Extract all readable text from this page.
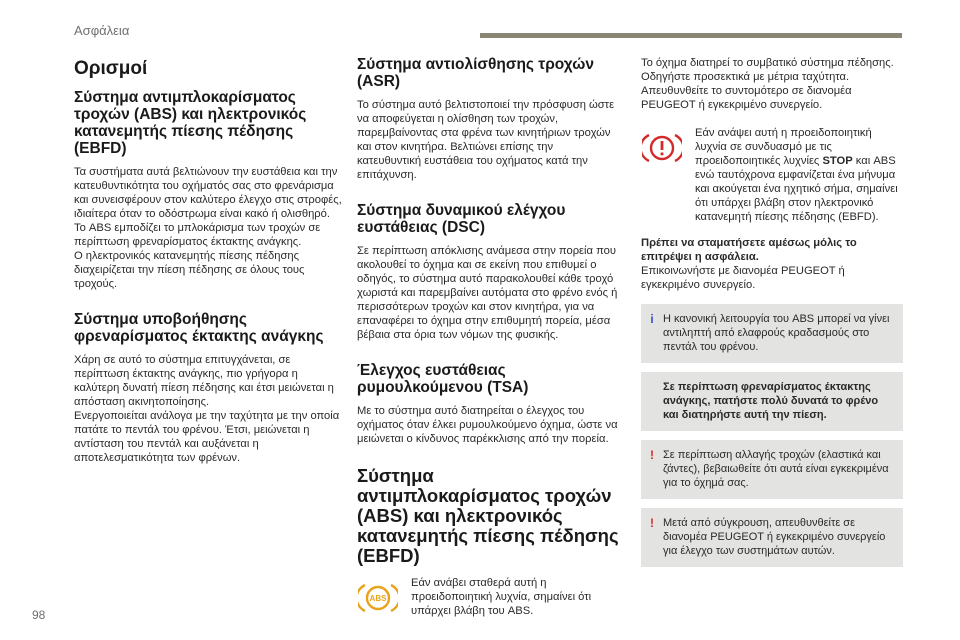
Ασφάλεια
Ορισμοί
Σύστημα αντιμπλοκαρίσματος τροχών (ABS) και ηλεκτρονικός κατανεμητής πίεσης πέδησης (EBFD)

Τα συστήματα αυτά βελτιώνουν την ευστάθεια και την κατευθυντικότητα του οχήματός σας στο φρενάρισμα και συνεισφέρουν στον καλύτερο έλεγχο στις στροφές, ιδιαίτερα όταν το οδόστρωμα είναι κακό ή ολισθηρό.

Το ABS εμποδίζει το μπλοκάρισμα των τροχών σε περίπτωση φρεναρίσματος έκτακτης ανάγκης.

Ο ηλεκτρονικός κατανεμητής πίεσης πέδησης διαχειρίζεται την πίεση πέδησης σε όλους τους τροχούς.

Σύστημα υποβοήθησης φρεναρίσματος έκτακτης ανάγκης

Χάρη σε αυτό το σύστημα επιτυγχάνεται, σε περίπτωση έκτακτης ανάγκης, πιο γρήγορα η καλύτερη δυνατή πίεση πέδησης και έτσι μειώνεται η απόσταση ακινητοποίησης.

Ενεργοποιείται ανάλογα με την ταχύτητα με την οποία πατάτε το πεντάλ του φρένου. Έτσι, μειώνεται η αντίσταση του πεντάλ και αυξάνεται η αποτελεσματικότητα των φρένων.

Σύστημα αντιολίσθησης τροχών (ASR)

Το σύστημα αυτό βελτιστοποιεί την πρόσφυση ώστε να αποφεύγεται η ολίσθηση των τροχών, παρεμβαίνοντας στα φρένα των κινητήριων τροχών και στον κινητήρα. Βελτιώνει επίσης την κατευθυντική ευστάθεια του οχήματος κατά την επιτάχυνση.

Σύστημα δυναμικού ελέγχου ευστάθειας (DSC)

Σε περίπτωση απόκλισης ανάμεσα στην πορεία που ακολουθεί το όχημα και σε εκείνη που επιθυμεί ο οδηγός, το σύστημα αυτό παρακολουθεί κάθε τροχό χωριστά και παρεμβαίνει αυτόματα στο φρένο ενός ή περισσότερων τροχών και στον κινητήρα, για να επαναφέρει το όχημα στην επιθυμητή πορεία, μέσα βέβαια στα όρια των νόμων της φυσικής.

Έλεγχος ευστάθειας ρυμουλκούμενου (TSA)

Με το σύστημα αυτό διατηρείται ο έλεγχος του οχήματος όταν έλκει ρυμουλκούμενο όχημα, ώστε να μειώνεται ο κίνδυνος παρέκκλισης από την πορεία.

Σύστημα αντιμπλοκαρίσματος τροχών (ABS) και ηλεκτρονικός κατανεμητής πίεσης πέδησης (EBFD)
ABS

Εάν ανάβει σταθερά αυτή η προειδοποιητική λυχνία, σημαίνει ότι υπάρχει βλάβη του ABS.

Το όχημα διατηρεί το συμβατικό σύστημα πέδησης. Οδηγήστε προσεκτικά με μέτρια ταχύτητα.

Απευθυνθείτε το συντομότερο σε διανομέα PEUGEOT ή εγκεκριμένο συνεργείο.

Εάν ανάψει αυτή η προειδοποιητική λυχνία σε συνδυασμό με τις προειδοποιητικές λυχνίες STOP και ABS ενώ ταυτόχρονα εμφανίζεται ένα μήνυμα και ακούγεται ένα ηχητικό σήμα, σημαίνει ότι υπάρχει βλάβη στον ηλεκτρονικό κατανεμητή πίεσης πέδησης (EBFD).

Πρέπει να σταματήσετε αμέσως μόλις το επιτρέψει η ασφάλεια.

Επικοινωνήστε με διανομέα PEUGEOT ή εγκεκριμένο συνεργείο.

i Η κανονική λειτουργία του ABS μπορεί να γίνει αντιληπτή από ελαφρούς κραδασμούς στο πεντάλ του φρένου.

Σε περίπτωση φρεναρίσματος έκτακτης ανάγκης, πατήστε πολύ δυνατά το φρένο και διατηρήστε αυτή την πίεση.

! Σε περίπτωση αλλαγής τροχών (ελαστικά και ζάντες), βεβαιωθείτε ότι αυτά είναι εγκεκριμένα για το όχημά σας.

! Μετά από σύγκρουση, απευθυνθείτε σε διανομέα PEUGEOT ή εγκεκριμένο συνεργείο για έλεγχο των συστημάτων αυτών.

98
